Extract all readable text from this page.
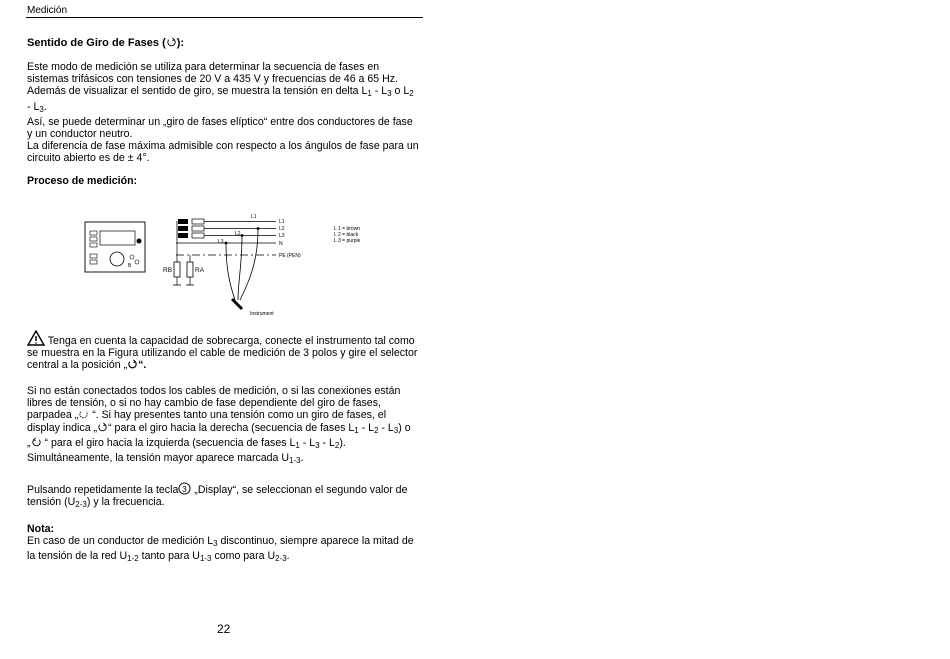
Medición
Sentido de Giro de Fases ( ):
Este modo de medición se utiliza para determinar la secuencia de fases en
sistemas trifásicos con tensiones de 20 V a 435 V y frecuencias de 46 a 65 Hz.
Además de visualizar el sentido de giro, se muestra la tensión en delta $L_1 - L_3$ o $L_2$
- $L_3$.
Así, se puede determinar un „giro de fases elíptico“ entre dos conductores de fase
y un conductor neutro.
La diferencia de fase máxima admisible con respecto a los ángulos de fase para un
circuito abierto es de ± 4°.
Proceso de medición:
B
L1
L2
L3
N
PE (PEN)
L1
L2
L3
Instrument
RB	RA
L 1 = brown
L 2 = black
L 3 = purple
Tenga en cuenta la capacidad de sobrecarga, conecte el instrumento tal como
se muestra en la Figura utilizando el cable de medición de 3 polos y gire el selector
central a la posición „ “.
Si no están conectados todos los cables de medición, o si las conexiones están
libres de tensión, o si no hay cambio de fase dependiente del giro de fases,
parpadea „ “. Si hay presentes tanto una tensión como un giro de fases, el
display indica „ “ para el giro hacia la derecha (secuencia de fases $L_1 - L_2 - L_3$) o
„ “ para el giro hacia la izquierda (secuencia de fases $L_1 - L_3 - L_2$).
Simultáneamente, la tensión mayor aparece marcada $U_{1-3}$.
Pulsando repetidamente la tecla 3 „Display“, se seleccionan el segundo valor de
tensión $(U_{2-3})$ y la frecuencia.
Nota:
En caso de un conductor de medición $L_3$ discontinuo, siempre aparece la mitad de
la tensión de la red $U_{1-2}$ tanto para $U_{1-3}$ como para $U_{2-3}$.
22
